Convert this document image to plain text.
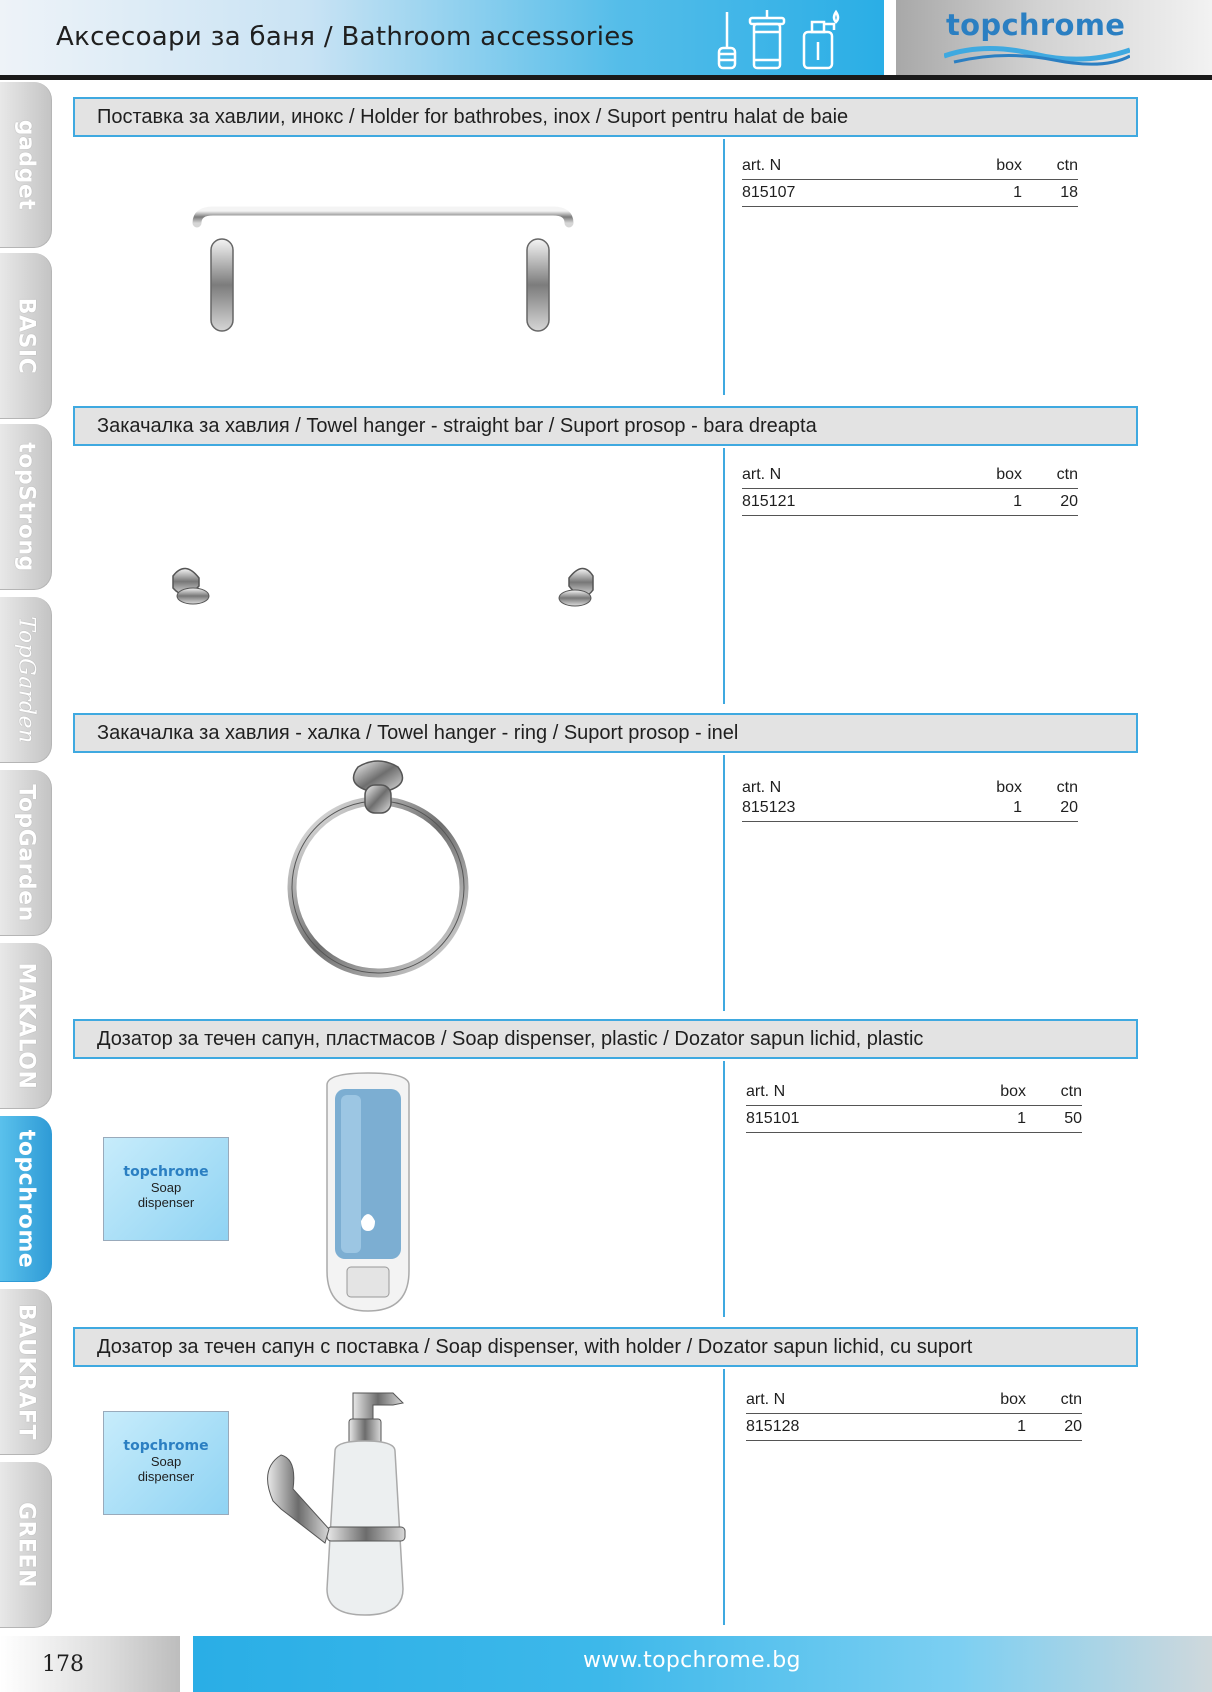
Аксесоари за баня / Bathroom accessories	topchrome
gadget
BASIC
topStrong
TopGarden
TopGarden
MAKALON
topchrome
BAUKRAFT
GREEN
Поставка за хавлии, инокс / Holder for bathrobes, inox / Suport pentru halat de baie
art. N	box ctn
815107	1 18
Закачалка за хавлия / Towel hanger - straight bar / Suport prosop - bara dreapta
art. N	box ctn
815121	1 20
Закачалка за хавлия - халка / Towel hanger - ring / Suport prosop - inel
art. N	box ctn
815123	1 20
Дозатор за течен сапун, пластмасов / Soap dispenser, plastic / Dozator sapun lichid, plastic
topchrome
Soap
dispenser
art. N	box ctn
815101	1 50
Дозатор за течен сапун с поставка / Soap dispenser, with holder / Dozator sapun lichid, cu suport
topchrome
Soap
dispenser
art. N	box ctn
815128	1 20
178	www.topchrome.bg
